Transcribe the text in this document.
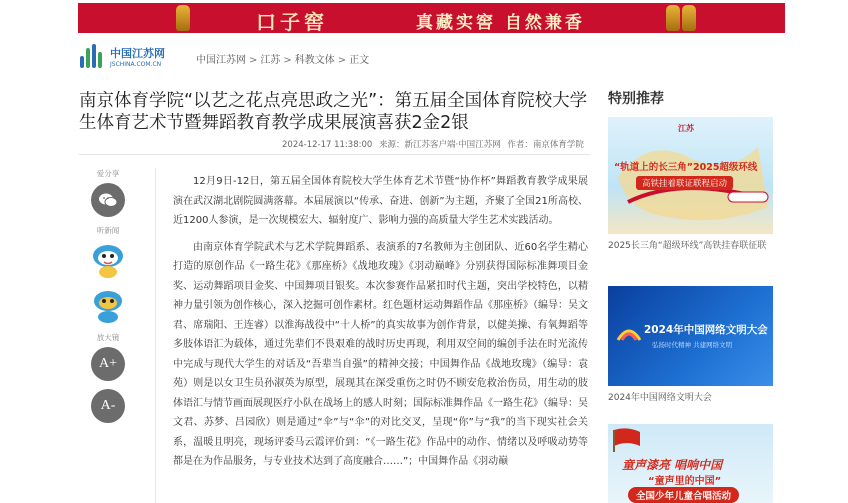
口子窖	真藏实窖 自然兼香
中国江苏网
JSCHINA.COM.CN	中国江苏网 > 江苏 > 科教文体 > 正文
南京体育学院“以艺之花点亮思政之光”：第五届全国体育院校大学生体育艺术节暨舞蹈教育教学成果展演喜获2金2银
2024-12-17 11:38:00 来源：新江苏客户端·中国江苏网 作者：南京体育学院
爱分享
听新闻
放大镜
A+
A-

12月9日-12日，第五届全国体育院校大学生体育艺术节暨“协作杯”舞蹈教育教学成果展演在武汉湖北剧院圆满落幕。本届展演以“传承、奋进、创新”为主题，齐聚了全国21所高校、近1200人参演，是一次规模宏大、辐射度广、影响力强的高质量大学生艺术实践活动。

由南京体育学院武术与艺术学院舞蹈系、表演系的7名教师为主创团队、近60名学生精心打造的原创作品《一路生花》《那座桥》《战地玫瑰》《羽动巅峰》分别获得国际标准舞项目金奖、运动舞蹈项目金奖、中国舞项目银奖。本次参赛作品紧扣时代主题，突出学校特色，以精神力量引领为创作核心，深入挖掘可创作素材。红色题材运动舞蹈作品《那座桥》（编导：吴文君、席瑞阳、王连睿）以淮海战役中“十人桥”的真实故事为创作背景，以健美操、有氧舞蹈等多肢体语汇为载体，通过先辈们不畏艰难的战时历史再现，利用双空间的编创手法在时光流传中完成与现代大学生的对话及“吾辈当自强”的精神交接；中国舞作品《战地玫瑰》（编导：袁苑）则是以女卫生员孙淑英为原型，展现其在深受重伤之时仍不顾安危救治伤员，用生动的肢体语汇与情节画面展现医疗小队在战场上的感人时刻；国际标准舞作品《一路生花》（编导：吴文君、苏梦、吕园欣）则是通过“伞”与“伞”的对比交叉，呈现“你”与“我”的当下现实社会关系，温暖且明亮，现场评委马云霞评价到：“《一路生花》作品中的动作、情绪以及呼吸动势等都是在为作品服务，与专业技术达到了高度融合……”；中国舞作品《羽动巅

特别推荐
江苏
“轨道上的长三角”2025超级环线
高铁挂着联证联程启动
2025长三角“超级环线”高铁挂春联征联
2024年中国网络文明大会
弘扬时代精神 共建网络文明
2024年中国网络文明大会
童声漆亮 唱响中国
“童声里的中国”
全国少年儿童合唱活动
